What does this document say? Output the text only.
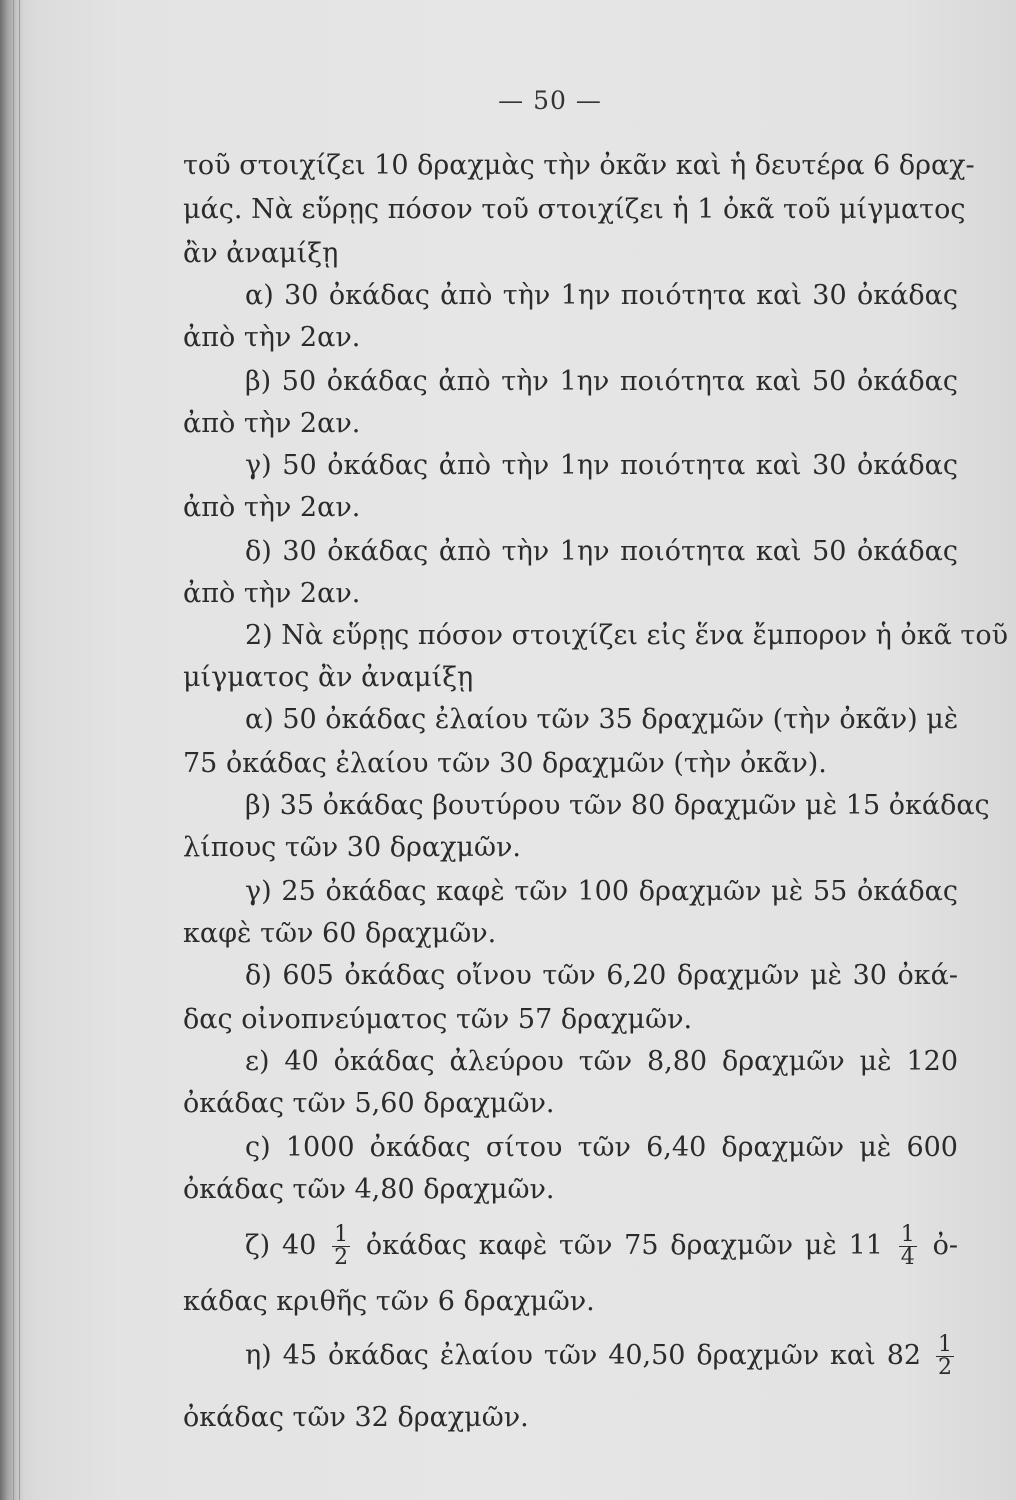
— 50 —
τοῦ στοιχίζει 10 δραχμὰς τὴν ὀκᾶν καὶ ἡ δευτέρα 6 δραχ-
μάς. Νὰ εὕρῃς πόσον τοῦ στοιχίζει ἡ 1 ὀκᾶ τοῦ μίγματος
ἂν ἀναμίξῃ
α) 30 ὀκάδας ἀπὸ τὴν 1ην ποιότητα καὶ 30 ὀκάδας
ἀπὸ τὴν 2αν.
β) 50 ὀκάδας ἀπὸ τὴν 1ην ποιότητα καὶ 50 ὀκάδας
ἀπὸ τὴν 2αν.
γ) 50 ὀκάδας ἀπὸ τὴν 1ην ποιότητα καὶ 30 ὀκάδας
ἀπὸ τὴν 2αν.
δ) 30 ὀκάδας ἀπὸ τὴν 1ην ποιότητα καὶ 50 ὀκάδας
ἀπὸ τὴν 2αν.
2) Νὰ εὕρῃς πόσον στοιχίζει εἰς ἕνα ἔμπορον ἡ ὀκᾶ τοῦ
μίγματος ἂν ἀναμίξῃ
α) 50 ὀκάδας ἐλαίου τῶν 35 δραχμῶν (τὴν ὀκᾶν) μὲ
75 ὀκάδας ἐλαίου τῶν 30 δραχμῶν (τὴν ὀκᾶν).
β) 35 ὀκάδας βουτύρου τῶν 80 δραχμῶν μὲ 15 ὀκάδας
λίπους τῶν 30 δραχμῶν.
γ) 25 ὀκάδας καφὲ τῶν 100 δραχμῶν μὲ 55 ὀκάδας
καφὲ τῶν 60 δραχμῶν.
δ) 605 ὀκάδας οἴνου τῶν 6,20 δραχμῶν μὲ 30 ὀκά-
δας οἰνοπνεύματος τῶν 57 δραχμῶν.
ε) 40 ὀκάδας ἀλεύρου τῶν 8,80 δραχμῶν μὲ 120
ὀκάδας τῶν 5,60 δραχμῶν.
ς) 1000 ὀκάδας σίτου τῶν 6,40 δραχμῶν μὲ 600
ὀκάδας τῶν 4,80 δραχμῶν.
ζ) $40 \frac{1}{2}$ ὀκάδας καφὲ τῶν 75 δραχμῶν μὲ $11 \frac{1}{4}$ ὀ-
κάδας κριθῆς τῶν 6 δραχμῶν.
η) 45 ὀκάδας ἐλαίου τῶν 40,50 δραχμῶν καὶ $82 \frac{1}{2}$
ὀκάδας τῶν 32 δραχμῶν.
